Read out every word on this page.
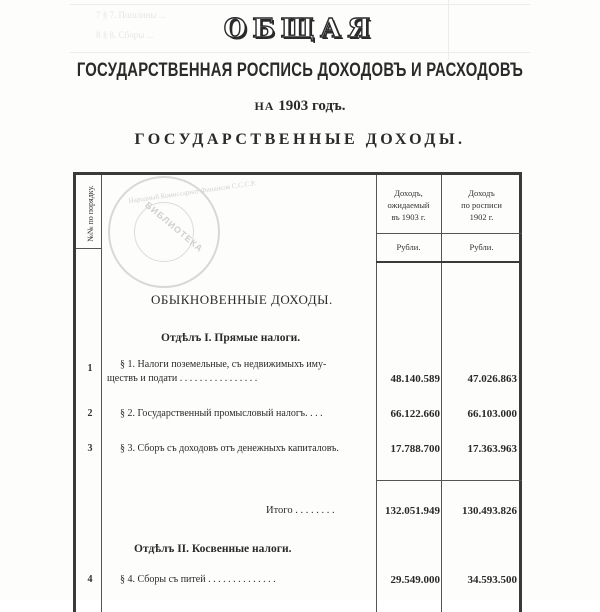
7 § 7. Пошлины ...
8 § 8. Сборы ...	ОБЩАЯ
ГОСУДАРСТВЕННАЯ РОСПИСЬ ДОХОДОВЪ И РАСХОДОВЪ
НА 1903 годъ.
ГОСУДАРСТВЕННЫЕ ДОХОДЫ.
№№ по порядку.	Доходъ,
ожидаемый
въ 1903 г.
Рубли.
Доходъ
по росписи
1902 г.
Рубли.
ОБЫКНОВЕННЫЕ ДОХОДЫ.
Отдѣлъ I. Прямые налоги.
1	§ 1. Налоги поземельные, съ недвижимыхъ иму-
ществъ и подати . . . . . . . . . . . . . . . .	48.140.589	47.026.863
2	§ 2. Государственный промысловый налогъ. . . .	66.122.660	66.103.000
3	§ 3. Сборъ съ доходовъ отъ денежныхъ капиталовъ.	17.788.700	17.363.963
Итого . . . . . . . .	132.051.949	130.493.826
Отдѣлъ II. Косвенные налоги.
4	§ 4. Сборы съ питей . . . . . . . . . . . . . .	29.549.000	34.593.500
БИБЛИОТЕКА
Народный Комиссариат Финансов С.С.С.Р.
